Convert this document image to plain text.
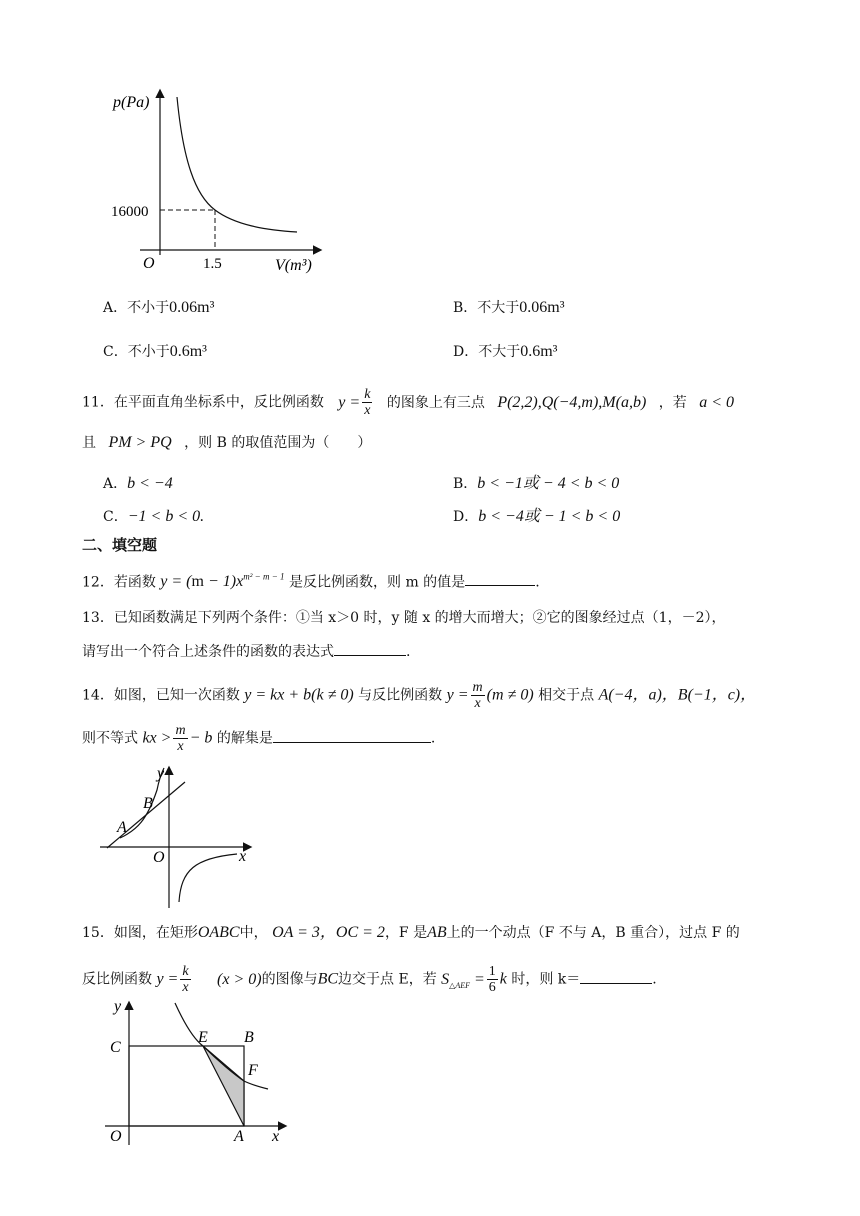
p(Pa)
16000
O	1.5	V(m³)
A．不小于0.06m³	B．不大于0.06m³
C．不小于0.6m³	D．不大于0.6m³
11．在平面直角坐标系中，反比例函数 $y = \frac{k}{x}$ 的图象上有三点 P(2,2),Q(−4,m),M(a,b) ，若 a < 0
且 PM > PQ ，则 B 的取值范围为（　　）
A．b < −4	B．b < −1或 − 4 < b < 0
C．−1 < b < 0.	D．b < −4或 − 1 < b < 0
二、填空题
12．若函数 $y = (m - 1)x^{m^2 - m - 1}$ 是反比例函数，则 m 的值是	.
13．已知函数满足下列两个条件：①当 x＞0 时，y 随 x 的增大而增大；②它的图象经过点（1，－2），
请写出一个符合上述条件的函数的表达式	.
14．如图，已知一次函数 y = kx + b(k ≠ 0) 与反比例函数 $y = \frac{m}{x} (m \ne 0)$ 相交于点 A(−4，a)，B(−1，c)，
则不等式 kx > $\frac{m}{x} - b$ 的解集是	.
y
x
O
A
B
15．如图，在矩形OABC中， OA = 3，OC = 2，F 是AB上的一个动点（F 不与 A，B 重合），过点 F 的
反比例函数 $y = \frac{k}{x} (x > 0)$的图像与BC边交于点 E，若 $S_{\triangle AEF} = \frac{1}{6}$ k 时，则 k＝	.
y
C
E B
F
O	A x
